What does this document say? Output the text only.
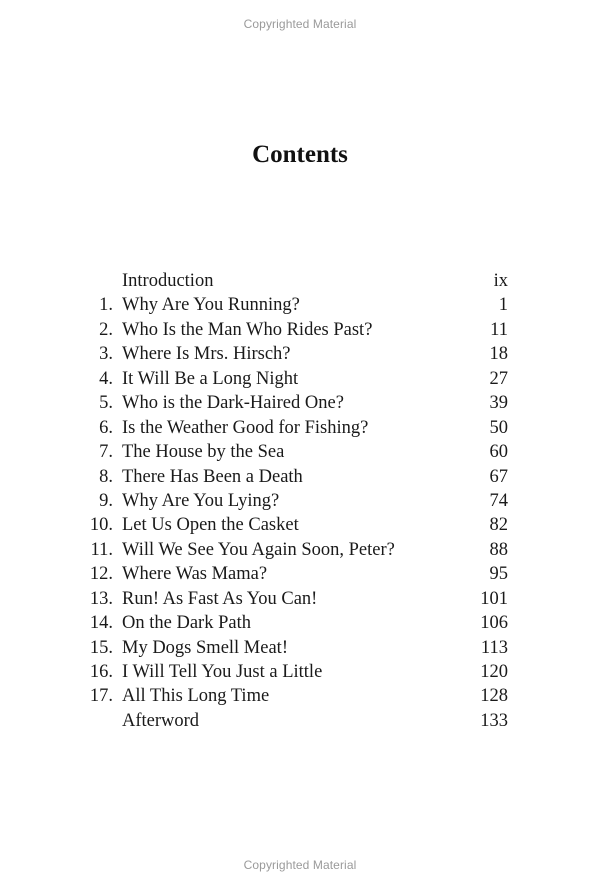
Copyrighted Material
Contents
Introduction	ix
1. Why Are You Running?	1
2. Who Is the Man Who Rides Past?	11
3. Where Is Mrs. Hirsch?	18
4. It Will Be a Long Night	27
5. Who is the Dark-Haired One?	39
6. Is the Weather Good for Fishing?	50
7. The House by the Sea	60
8. There Has Been a Death	67
9. Why Are You Lying?	74
10. Let Us Open the Casket	82
11. Will We See You Again Soon, Peter?	88
12. Where Was Mama?	95
13. Run! As Fast As You Can!	101
14. On the Dark Path	106
15. My Dogs Smell Meat!	113
16. I Will Tell You Just a Little	120
17. All This Long Time	128
Afterword	133
Copyrighted Material
